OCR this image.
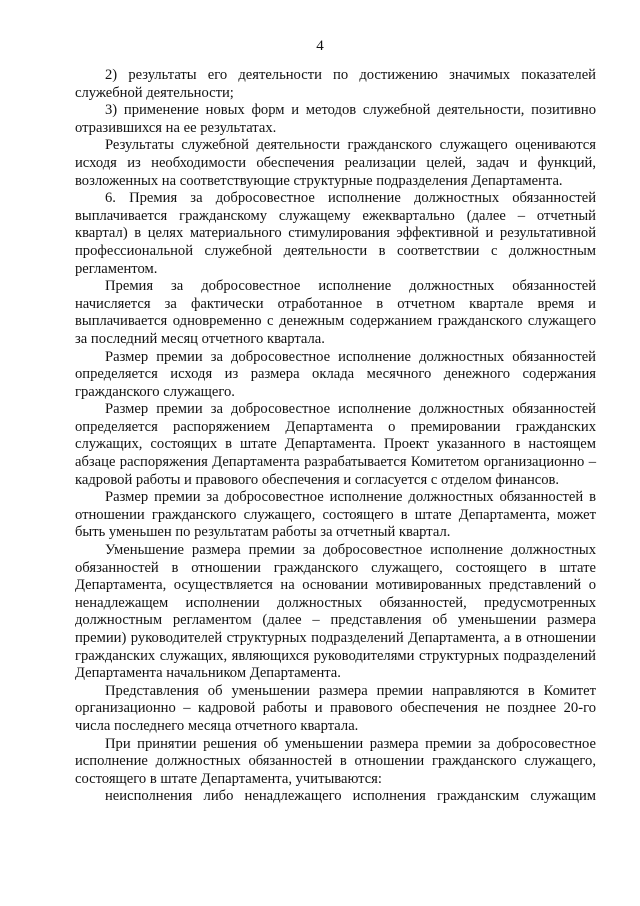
4

2) результаты его деятельности по достижению значимых показателей служебной деятельности;

3) применение новых форм и методов служебной деятельности, позитивно отразившихся на ее результатах.

Результаты служебной деятельности гражданского служащего оцениваются исходя из необходимости обеспечения реализации целей, задач и функций, возложенных на соответствующие структурные подразделения Департамента.

6. Премия за добросовестное исполнение должностных обязанностей выплачивается гражданскому служащему ежеквартально (далее – отчетный квартал) в целях материального стимулирования эффективной и результативной профессиональной служебной деятельности в соответствии с должностным регламентом.

Премия за добросовестное исполнение должностных обязанностей начисляется за фактически отработанное в отчетном квартале время и выплачивается одновременно с денежным содержанием гражданского служащего за последний месяц отчетного квартала.

Размер премии за добросовестное исполнение должностных обязанностей определяется исходя из размера оклада месячного денежного содержания гражданского служащего.

Размер премии за добросовестное исполнение должностных обязанностей определяется распоряжением Департамента о премировании гражданских служащих, состоящих в штате Департамента. Проект указанного в настоящем абзаце распоряжения Департамента разрабатывается Комитетом организационно – кадровой работы и правового обеспечения и согласуется с отделом финансов.

Размер премии за добросовестное исполнение должностных обязанностей в отношении гражданского служащего, состоящего в штате Департамента, может быть уменьшен по результатам работы за отчетный квартал.

Уменьшение размера премии за добросовестное исполнение должностных обязанностей в отношении гражданского служащего, состоящего в штате Департамента, осуществляется на основании мотивированных представлений о ненадлежащем исполнении должностных обязанностей, предусмотренных должностным регламентом (далее – представления об уменьшении размера премии) руководителей структурных подразделений Департамента, а в отношении гражданских служащих, являющихся руководителями структурных подразделений Департамента начальником Департамента.

Представления об уменьшении размера премии направляются в Комитет организационно – кадровой работы и правового обеспечения не позднее 20-го числа последнего месяца отчетного квартала.

При принятии решения об уменьшении размера премии за добросовестное исполнение должностных обязанностей в отношении гражданского служащего, состоящего в штате Департамента, учитываются:

неисполнения либо ненадлежащего исполнения гражданским служащим
